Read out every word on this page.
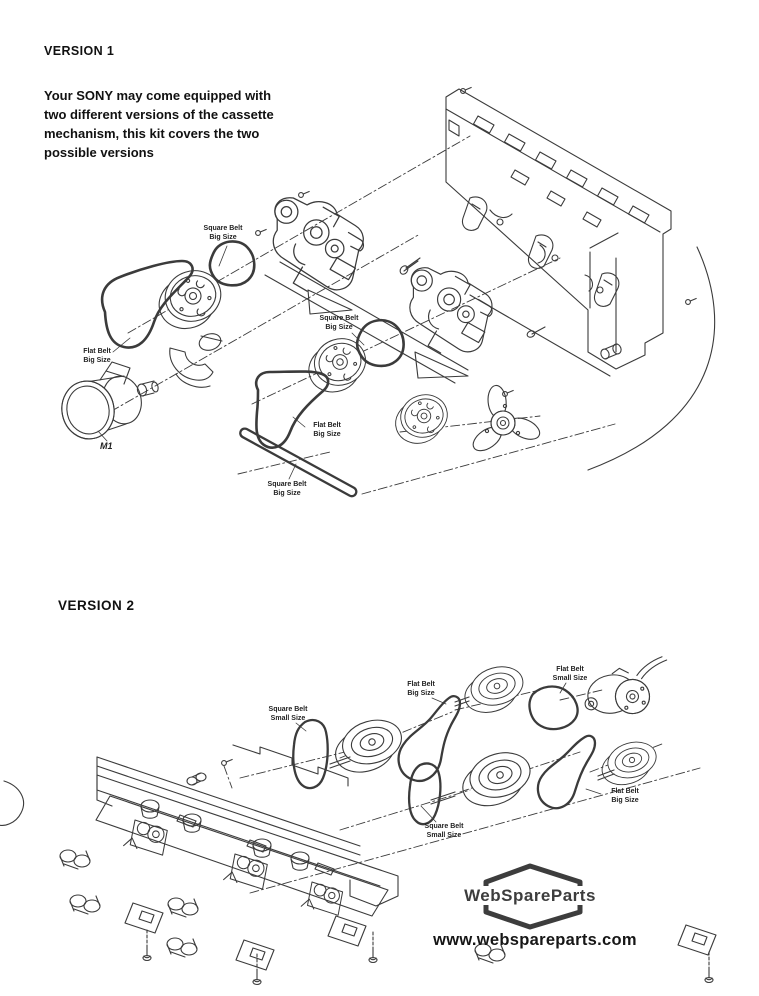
VERSION 1
Your SONY may come equipped with
two different versions of the cassette
mechanism, this kit covers the two
possible versions
VERSION 2
Square Belt
Big Size
Flat Belt
Big Size
M1
Square Belt
Big Size
Flat Belt
Big Size
Square Belt
Big Size
Square Belt
Small Size
Flat Belt
Big Size
Flat Belt
Small Size
Flat Belt
Big Size
Square Belt
Small Size
WebSpareParts
www.webspareparts.com
